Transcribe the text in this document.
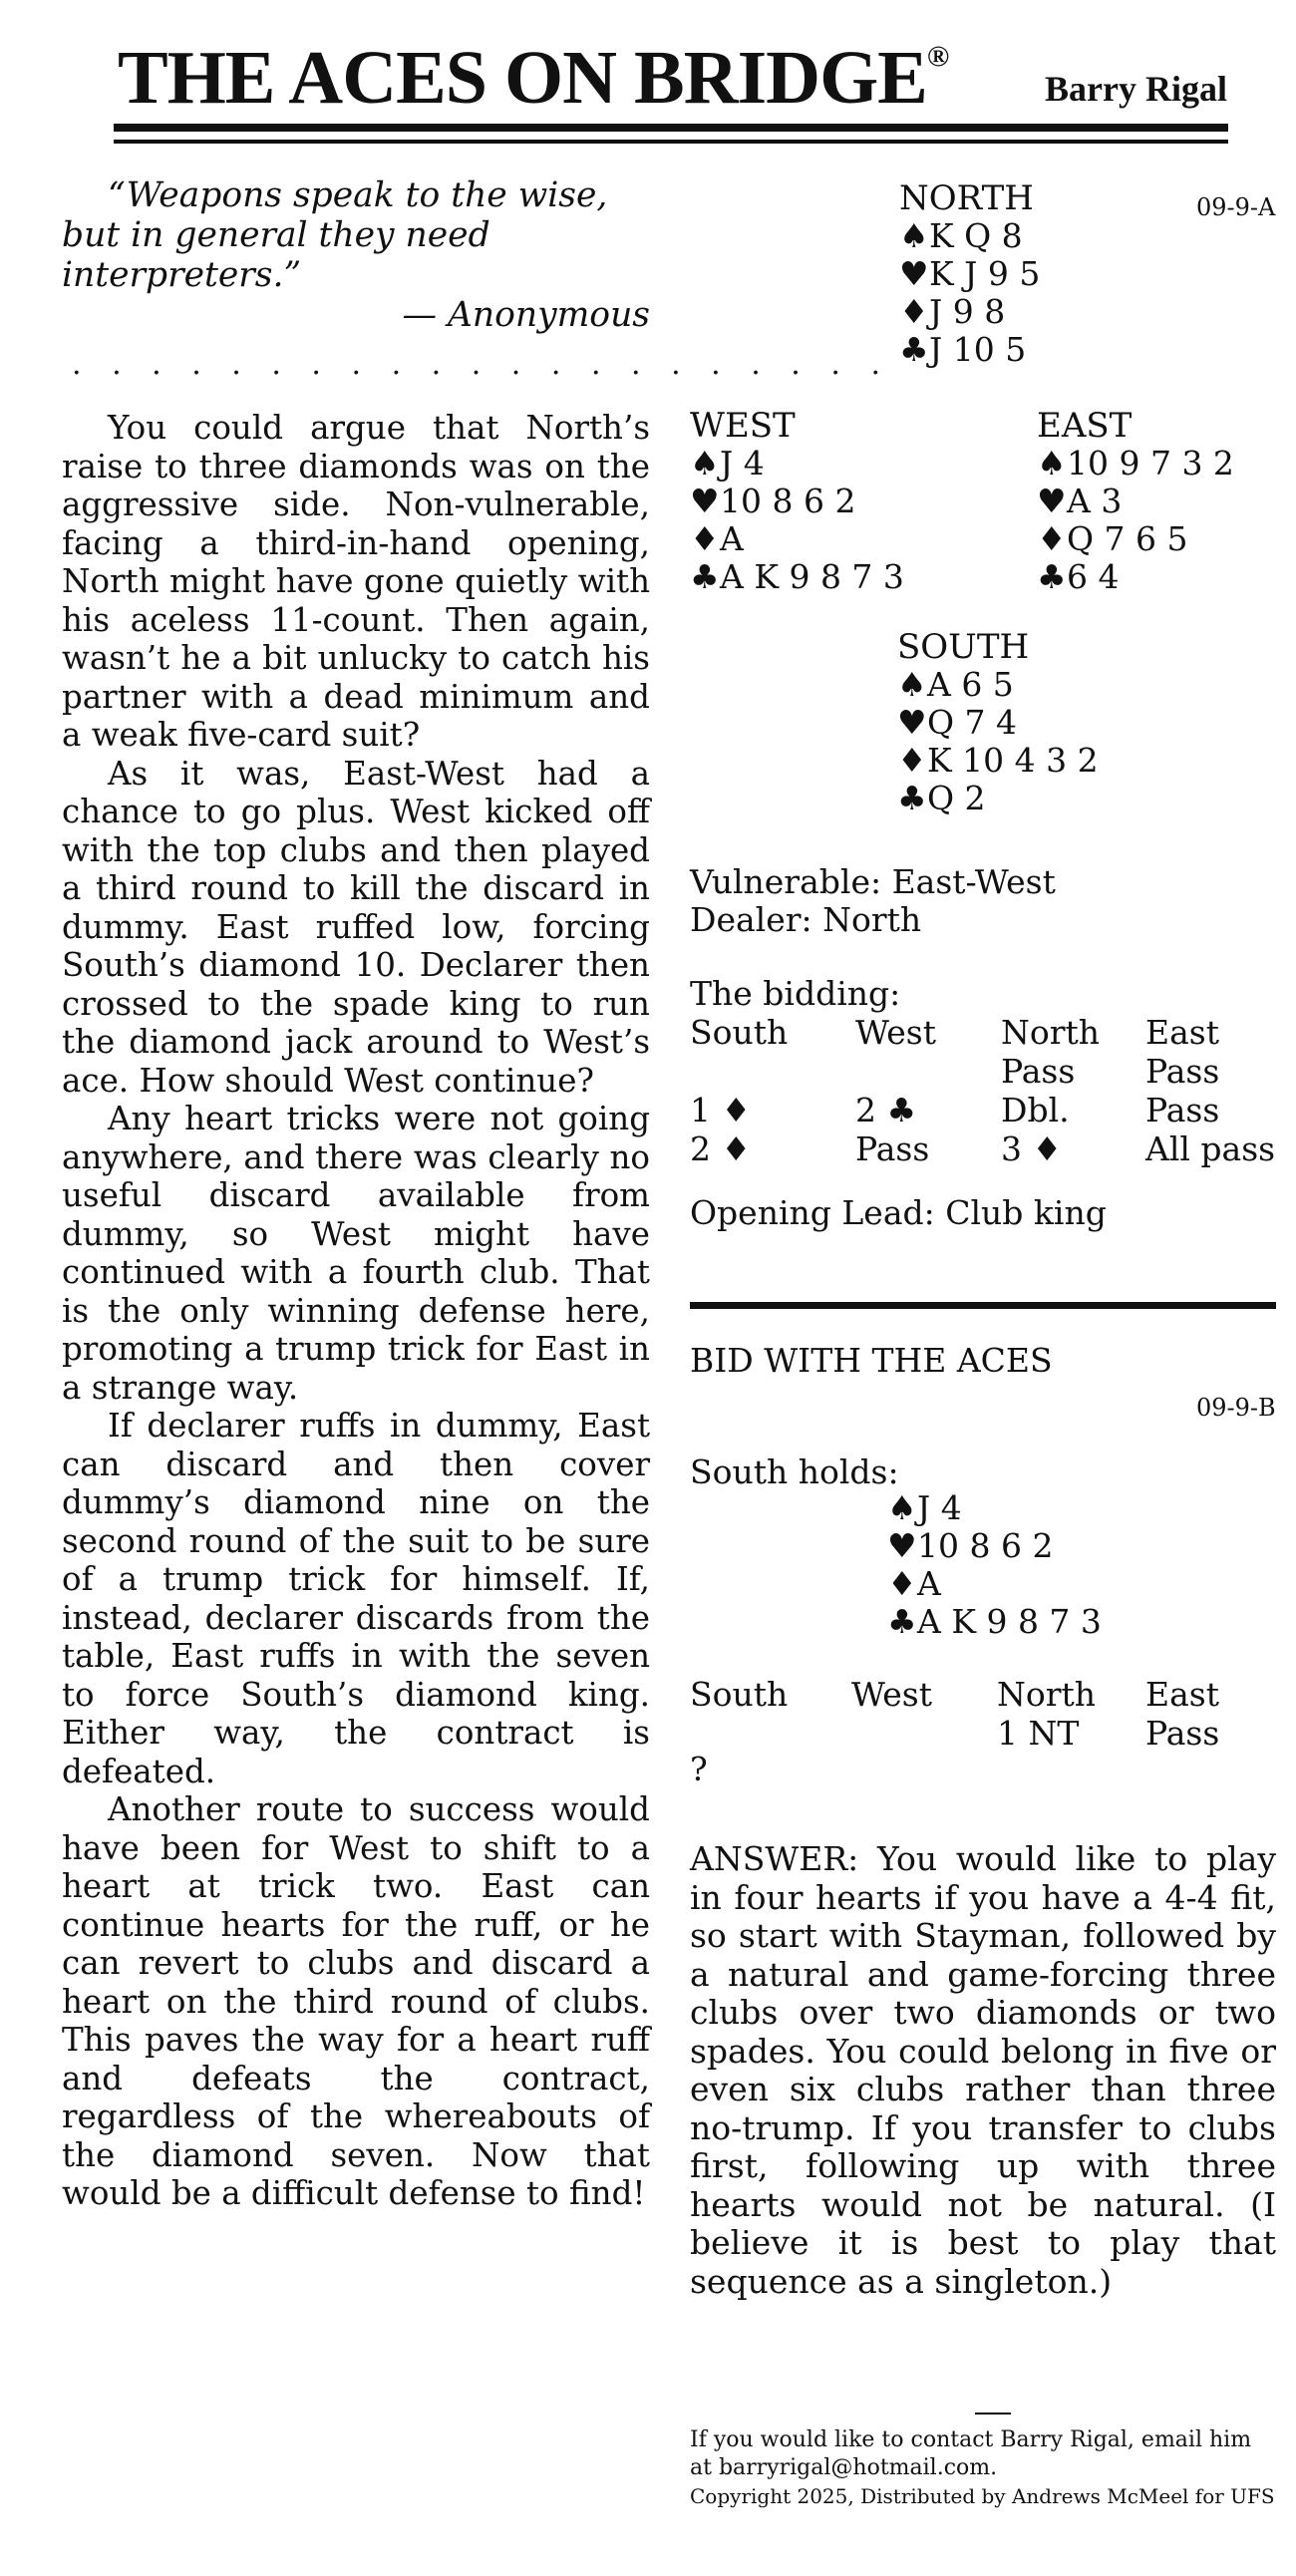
THE ACES ON BRIDGE®
Barry Rigal
“Weapons speak to the wise, but in general they need interpreters.”
— Anonymous
. . . . . . . . . . . . . . . . . . . . .

You could argue that North’s raise to three diamonds was on the aggressive side. Non-vulnerable, facing a third-in-hand opening, North might have gone quietly with his aceless 11-count. Then again, wasn’t he a bit unlucky to catch his partner with a dead minimum and a weak five-card suit?

As it was, East-West had a chance to go plus. West kicked off with the top clubs and then played a third round to kill the discard in dummy. East ruffed low, forcing South’s diamond 10. Declarer then crossed to the spade king to run the diamond jack around to West’s ace. How should West continue?

Any heart tricks were not going anywhere, and there was clearly no useful discard available from dummy, so West might have continued with a fourth club. That is the only winning defense here, promoting a trump trick for East in a strange way.

If declarer ruffs in dummy, East can discard and then cover dummy’s diamond nine on the second round of the suit to be sure of a trump trick for himself. If, instead, declarer discards from the table, East ruffs in with the seven to force South’s diamond king. Either way, the contract is defeated.

Another route to success would have been for West to shift to a heart at trick two. East can continue hearts for the ruff, or he can revert to clubs and discard a heart on the third round of clubs. This paves the way for a heart ruff and defeats the contract, regardless of the whereabouts of the diamond seven. Now that would be a difficult defense to find!

09-9-A
NORTH
♠K Q 8
♥K J 9 5
♦J 9 8
♣J 10 5
WEST
♠J 4
♥10 8 6 2
♦A
♣A K 9 8 7 3
EAST
♠10 9 7 3 2
♥A 3
♦Q 7 6 5
♣6 4
SOUTH
♠A 6 5
♥Q 7 4
♦K 10 4 3 2
♣Q 2
Vulnerable: East-West
Dealer: North
The bidding:
South	West	North	East
		Pass	Pass
1 ♦	2 ♣	Dbl.	Pass
2 ♦	Pass	3 ♦	All pass
Opening Lead: Club king
BID WITH THE ACES
09-9-B
South holds:
♠J 4
♥10 8 6 2
♦A
♣A K 9 8 7 3
South	West	North	East
		1 NT	Pass
?
ANSWER: You would like to play in four hearts if you have a 4-4 fit, so start with Stayman, followed by a natural and game-forcing three clubs over two diamonds or two spades. You could belong in five or even six clubs rather than three no-trump. If you transfer to clubs first, following up with three hearts would not be natural. (I believe it is best to play that sequence as a singleton.)
If you would like to contact Barry Rigal, email him at barryrigal@hotmail.com.
Copyright 2025, Distributed by Andrews McMeel for UFS
